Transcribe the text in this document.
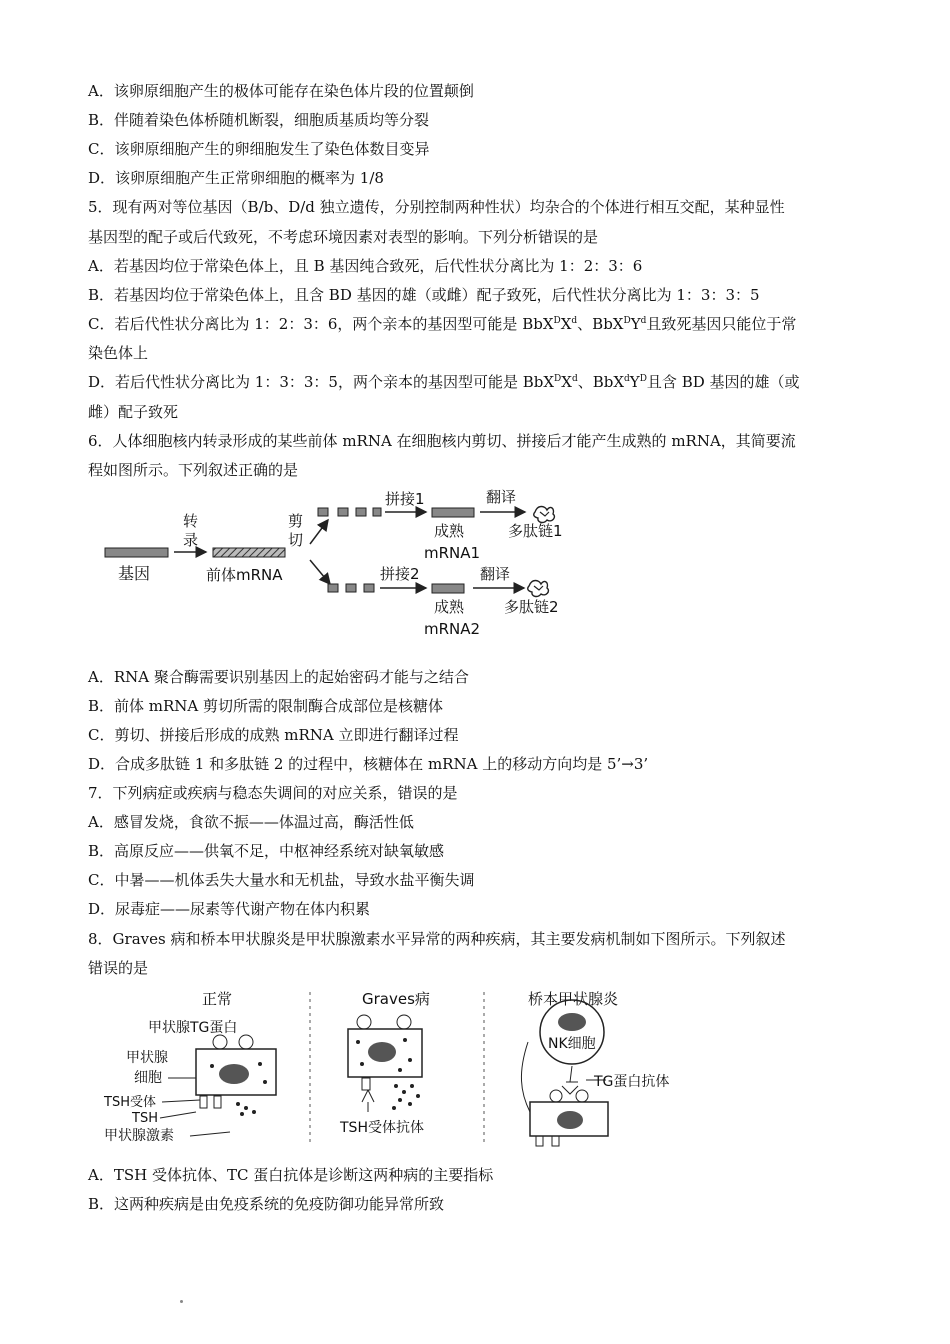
A．该卵原细胞产生的极体可能存在染色体片段的位置颠倒
B．伴随着染色体桥随机断裂，细胞质基质均等分裂
C．该卵原细胞产生的卵细胞发生了染色体数目变异
D．该卵原细胞产生正常卵细胞的概率为 1/8
5．现有两对等位基因（B/b、D/d 独立遗传，分别控制两种性状）均杂合的个体进行相互交配，某种显性
基因型的配子或后代致死，不考虑环境因素对表型的影响。下列分析错误的是
A．若基因均位于常染色体上，且 B 基因纯合致死，后代性状分离比为 1：2：3：6
B．若基因均位于常染色体上，且含 BD 基因的雄（或雌）配子致死，后代性状分离比为 1：3：3：5
C．若后代性状分离比为 1：2：3：6，两个亲本的基因型可能是 $BbX^DX^d$、$BbX^DY^d$且致死基因只能位于常
染色体上
D．若后代性状分离比为 1：3：3：5，两个亲本的基因型可能是 $BbX^DX^d$、$BbX^dY^D$且含 BD 基因的雄（或
雌）配子致死
6．人体细胞核内转录形成的某些前体 mRNA 在细胞核内剪切、拼接后才能产生成熟的 mRNA，其简要流
程如图所示。下列叙述正确的是
基因
转
录
前体mRNA
剪
切
拼接1
成熟
mRNA1
翻译
多肽链1
拼接2
成熟
mRNA2
翻译
多肽链2
A．RNA 聚合酶需要识别基因上的起始密码才能与之结合
B．前体 mRNA 剪切所需的限制酶合成部位是核糖体
C．剪切、拼接后形成的成熟 mRNA 立即进行翻译过程
D．合成多肽链 1 和多肽链 2 的过程中，核糖体在 mRNA 上的移动方向均是 5’→3’
7．下列病症或疾病与稳态失调间的对应关系，错误的是
A．感冒发烧，食欲不振——体温过高，酶活性低
B．高原反应——供氧不足，中枢神经系统对缺氧敏感
C．中暑——机体丢失大量水和无机盐，导致水盐平衡失调
D．尿毒症——尿素等代谢产物在体内积累
8．Graves 病和桥本甲状腺炎是甲状腺激素水平异常的两种疾病，其主要发病机制如下图所示。下列叙述
错误的是
正常	Graves病	桥本甲状腺炎
甲状腺TG蛋白
甲状腺
细胞
TSH受体
TSH
甲状腺激素	TSH受体抗体
NK细胞
TG蛋白抗体
A．TSH 受体抗体、TC 蛋白抗体是诊断这两种病的主要指标
B．这两种疾病是由免疫系统的免疫防御功能异常所致
